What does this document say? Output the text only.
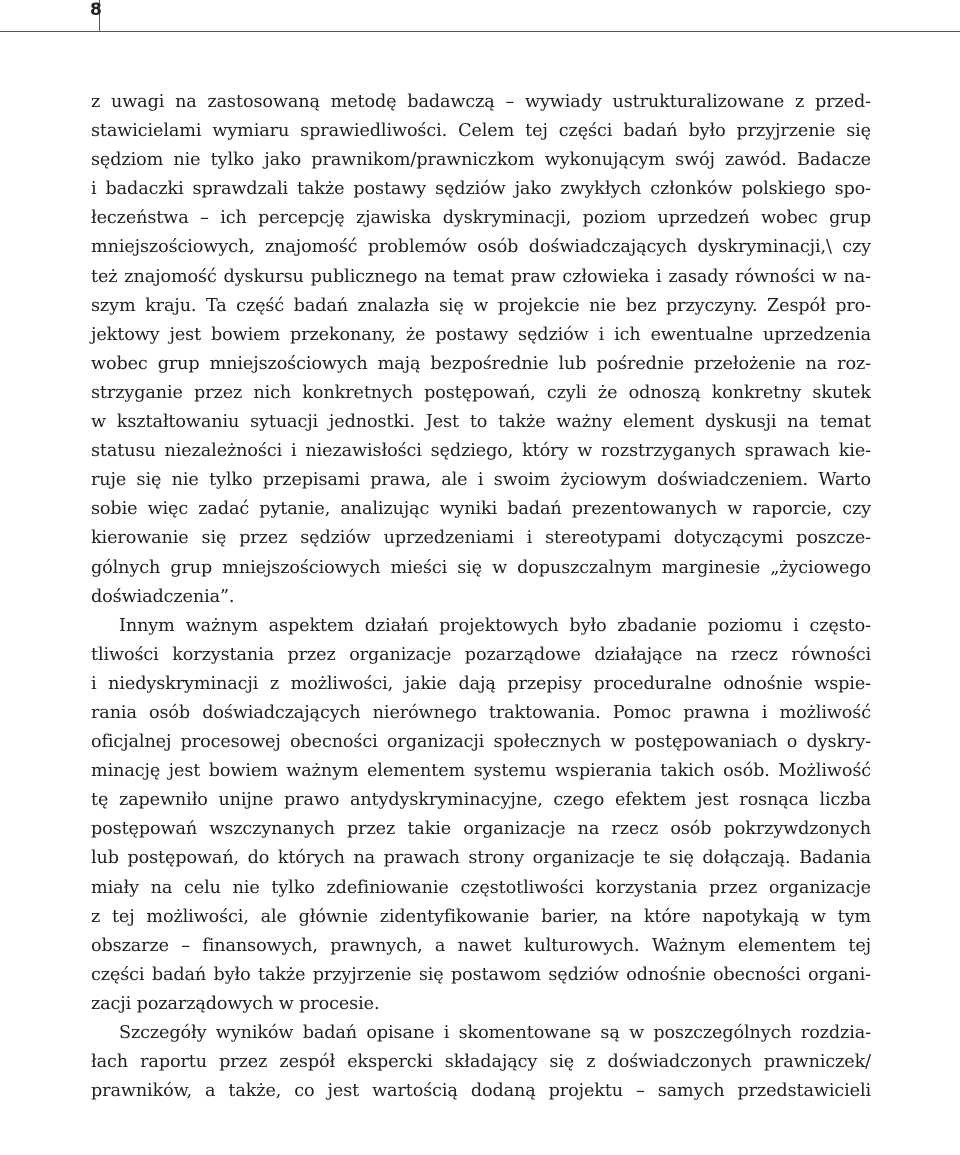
8
z uwagi na zastosowaną metodę badawczą – wywiady ustrukturalizowane z przed-
stawicielami wymiaru sprawiedliwości. Celem tej części badań było przyjrzenie się
sędziom nie tylko jako prawnikom/prawniczkom wykonującym swój zawód. Badacze
i badaczki sprawdzali także postawy sędziów jako zwykłych członków polskiego spo-
łeczeństwa – ich percepcję zjawiska dyskryminacji, poziom uprzedzeń wobec grup
mniejszościowych, znajomość problemów osób doświadczających dyskryminacji,\ czy
też znajomość dyskursu publicznego na temat praw człowieka i zasady równości w na-
szym kraju. Ta część badań znalazła się w projekcie nie bez przyczyny. Zespół pro-
jektowy jest bowiem przekonany, że postawy sędziów i ich ewentualne uprzedzenia
wobec grup mniejszościowych mają bezpośrednie lub pośrednie przełożenie na roz-
strzyganie przez nich konkretnych postępowań, czyli że odnoszą konkretny skutek
w kształtowaniu sytuacji jednostki. Jest to także ważny element dyskusji na temat
statusu niezależności i niezawisłości sędziego, który w rozstrzyganych sprawach kie-
ruje się nie tylko przepisami prawa, ale i swoim życiowym doświadczeniem. Warto
sobie więc zadać pytanie, analizując wyniki badań prezentowanych w raporcie, czy
kierowanie się przez sędziów uprzedzeniami i stereotypami dotyczącymi poszcze-
gólnych grup mniejszościowych mieści się w dopuszczalnym marginesie „życiowego
doświadczenia”.
Innym ważnym aspektem działań projektowych było zbadanie poziomu i często-
tliwości korzystania przez organizacje pozarządowe działające na rzecz równości
i niedyskryminacji z możliwości, jakie dają przepisy proceduralne odnośnie wspie-
rania osób doświadczających nierównego traktowania. Pomoc prawna i możliwość
oficjalnej procesowej obecności organizacji społecznych w postępowaniach o dyskry-
minację jest bowiem ważnym elementem systemu wspierania takich osób. Możliwość
tę zapewniło unijne prawo antydyskryminacyjne, czego efektem jest rosnąca liczba
postępowań wszczynanych przez takie organizacje na rzecz osób pokrzywdzonych
lub postępowań, do których na prawach strony organizacje te się dołączają. Badania
miały na celu nie tylko zdefiniowanie częstotliwości korzystania przez organizacje
z tej możliwości, ale głównie zidentyfikowanie barier, na które napotykają w tym
obszarze – finansowych, prawnych, a nawet kulturowych. Ważnym elementem tej
części badań było także przyjrzenie się postawom sędziów odnośnie obecności organi-
zacji pozarządowych w procesie.
Szczegóły wyników badań opisane i skomentowane są w poszczególnych rozdzia-
łach raportu przez zespół ekspercki składający się z doświadczonych prawniczek/
prawników, a także, co jest wartością dodaną projektu – samych przedstawicieli
